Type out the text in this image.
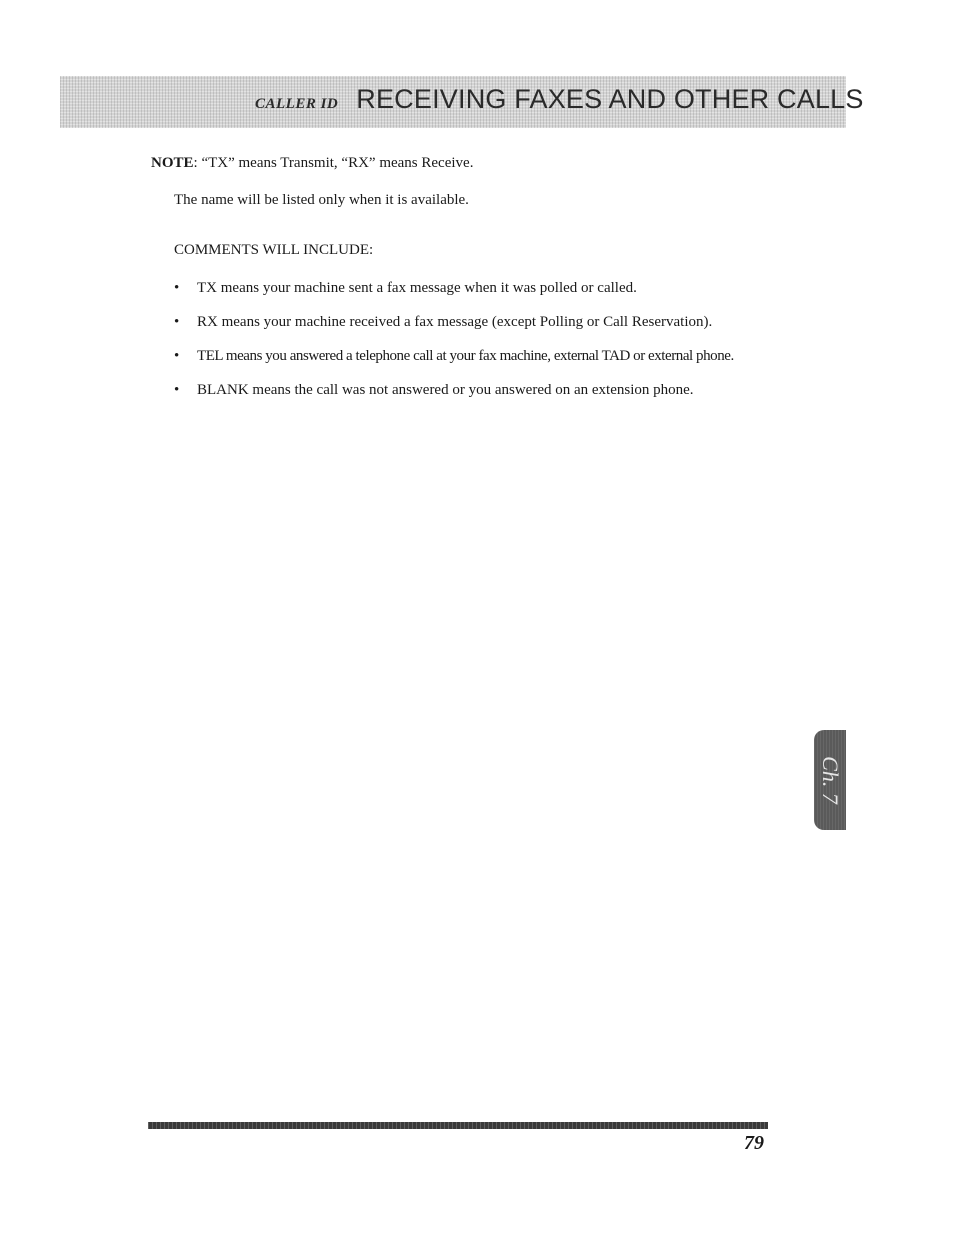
CALLER ID RECEIVING FAXES AND OTHER CALLS
NOTE: “TX” means Transmit, “RX” means Receive.
The name will be listed only when it is available.
COMMENTS WILL INCLUDE:
• TX means your machine sent a fax message when it was polled or called.
• RX means your machine received a fax message (except Polling or Call Reservation).
• TEL means you answered a telephone call at your fax machine, external TAD or external phone.
• BLANK means the call was not answered or you answered on an extension phone.
Ch. 7
79
